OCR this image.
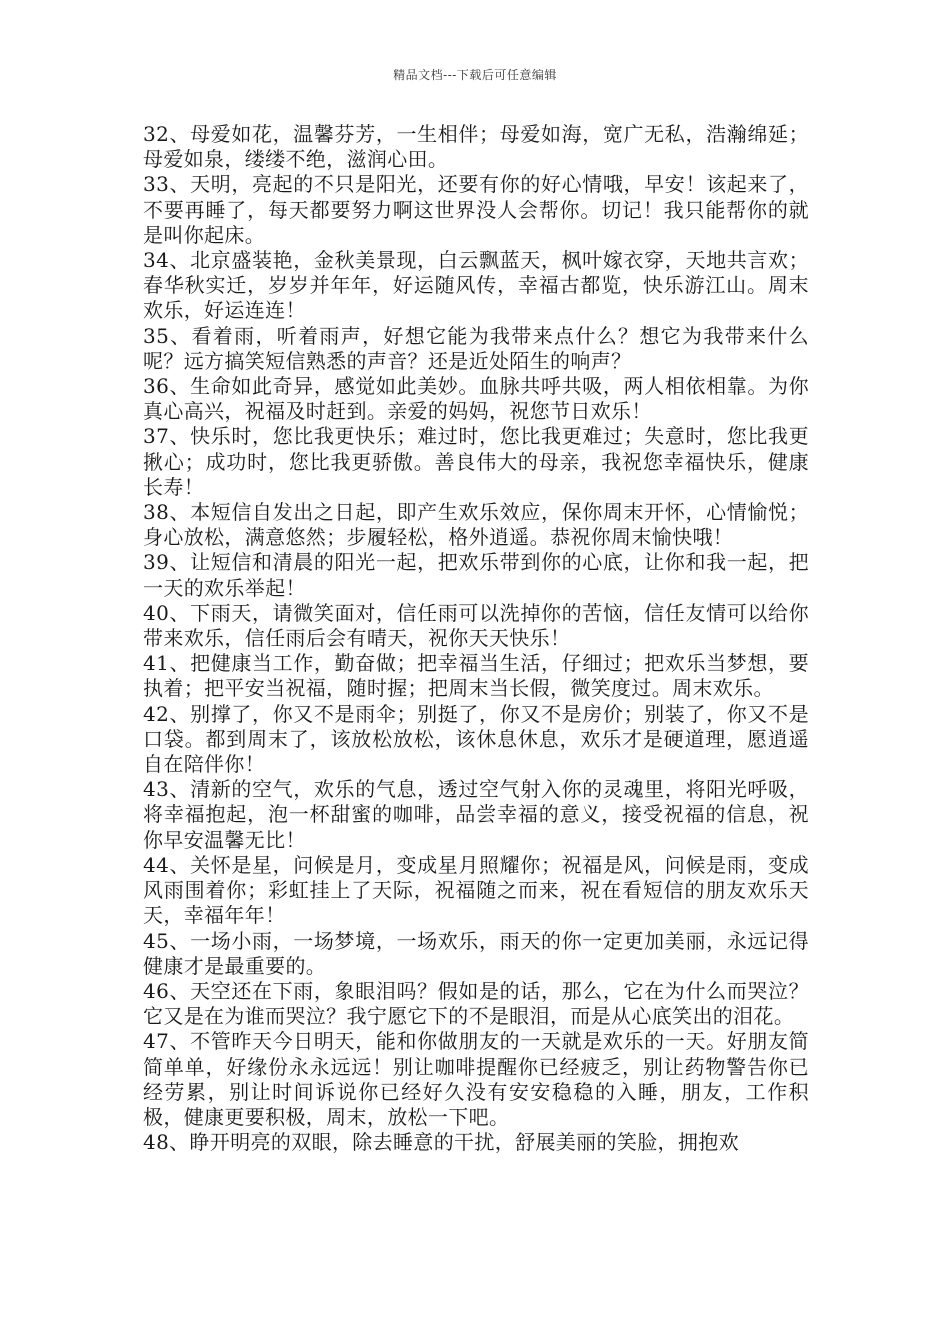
精品文档---下载后可任意编辑

32、母爱如花，温馨芬芳，一生相伴；母爱如海，宽广无私，浩瀚绵延；母爱如泉，缕缕不绝，滋润心田。

33、天明，亮起的不只是阳光，还要有你的好心情哦，早安！该起来了，不要再睡了，每天都要努力啊这世界没人会帮你。切记！我只能帮你的就是叫你起床。

34、北京盛装艳，金秋美景现，白云飘蓝天，枫叶嫁衣穿，天地共言欢；春华秋实迁，岁岁并年年，好运随风传，幸福古都览，快乐游江山。周末欢乐，好运连连！

35、看着雨，听着雨声，好想它能为我带来点什么？想它为我带来什么呢？远方搞笑短信熟悉的声音？还是近处陌生的响声？

36、生命如此奇异，感觉如此美妙。血脉共呼共吸，两人相依相靠。为你真心高兴，祝福及时赶到。亲爱的妈妈，祝您节日欢乐！

37、快乐时，您比我更快乐；难过时，您比我更难过；失意时，您比我更揪心；成功时，您比我更骄傲。善良伟大的母亲，我祝您幸福快乐，健康长寿！

38、本短信自发出之日起，即产生欢乐效应，保你周末开怀，心情愉悦；身心放松，满意悠然；步履轻松，格外逍遥。恭祝你周末愉快哦！

39、让短信和清晨的阳光一起，把欢乐带到你的心底，让你和我一起，把一天的欢乐举起！

40、下雨天，请微笑面对，信任雨可以洗掉你的苦恼，信任友情可以给你带来欢乐，信任雨后会有晴天，祝你天天快乐！

41、把健康当工作，勤奋做；把幸福当生活，仔细过；把欢乐当梦想，要执着；把平安当祝福，随时握；把周末当长假，微笑度过。周末欢乐。

42、别撑了，你又不是雨伞；别挺了，你又不是房价；别装了，你又不是口袋。都到周末了，该放松放松，该休息休息，欢乐才是硬道理，愿逍遥自在陪伴你！

43、清新的空气，欢乐的气息，透过空气射入你的灵魂里，将阳光呼吸，将幸福抱起，泡一杯甜蜜的咖啡，品尝幸福的意义，接受祝福的信息，祝你早安温馨无比！

44、关怀是星，问候是月，变成星月照耀你；祝福是风，问候是雨，变成风雨围着你；彩虹挂上了天际，祝福随之而来，祝在看短信的朋友欢乐天天，幸福年年！

45、一场小雨，一场梦境，一场欢乐，雨天的你一定更加美丽，永远记得健康才是最重要的。

46、天空还在下雨，象眼泪吗？假如是的话，那么，它在为什么而哭泣？它又是在为谁而哭泣？我宁愿它下的不是眼泪，而是从心底笑出的泪花。

47、不管昨天今日明天，能和你做朋友的一天就是欢乐的一天。好朋友简简单单，好缘份永永远远！别让咖啡提醒你已经疲乏，别让药物警告你已经劳累，别让时间诉说你已经好久没有安安稳稳的入睡，朋友，工作积极，健康更要积极，周末，放松一下吧。

48、睁开明亮的双眼，除去睡意的干扰，舒展美丽的笑脸，拥抱欢
